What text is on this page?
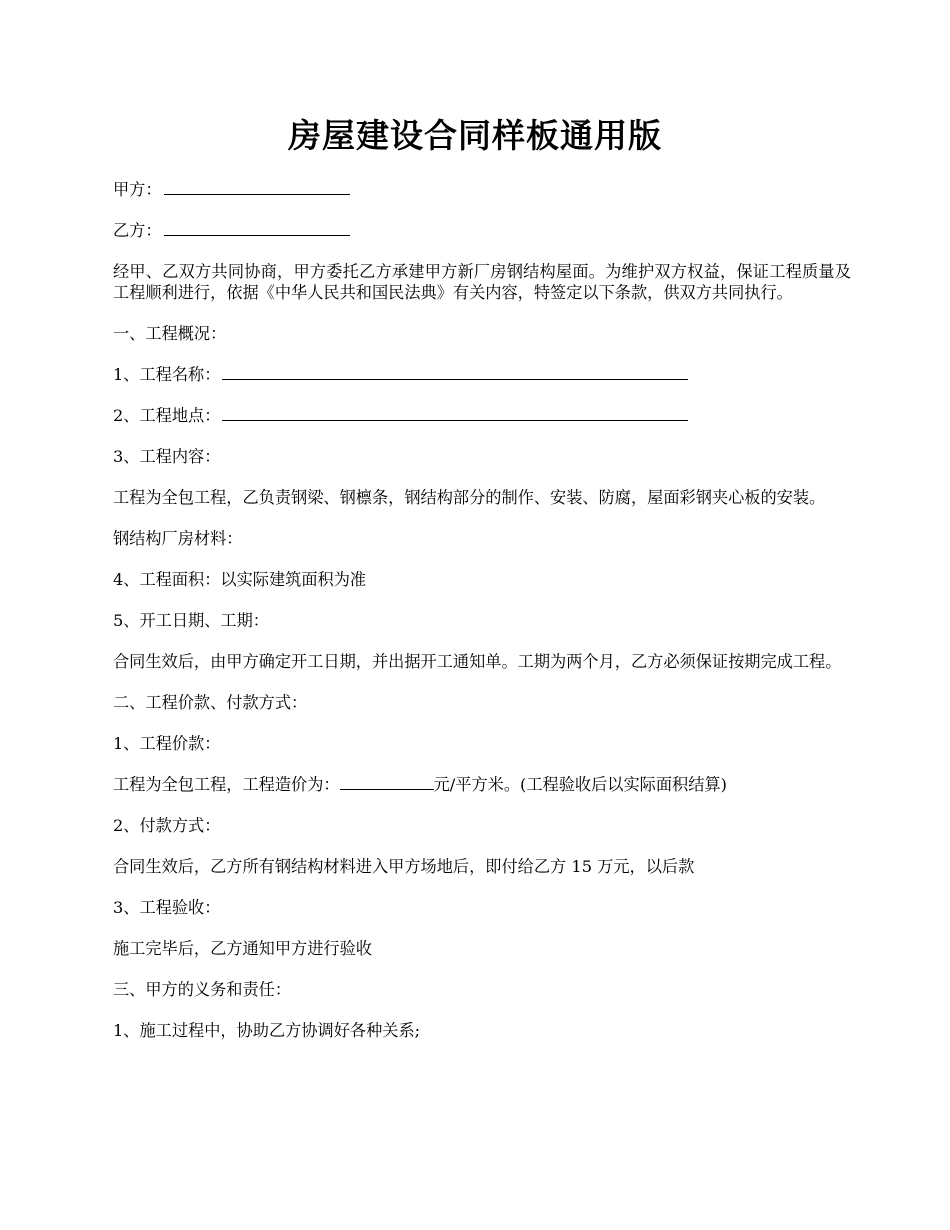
房屋建设合同样板通用版
甲方：
乙方：
经甲、乙双方共同协商，甲方委托乙方承建甲方新厂房钢结构屋面。为维护双方权益，保证工程质量及工程顺利进行，依据《中华人民共和国民法典》有关内容，特签定以下条款，供双方共同执行。
一、工程概况：
1、工程名称：
2、工程地点：
3、工程内容：
工程为全包工程，乙负责钢梁、钢檩条，钢结构部分的制作、安装、防腐，屋面彩钢夹心板的安装。
钢结构厂房材料：
4、工程面积：以实际建筑面积为准
5、开工日期、工期：
合同生效后，由甲方确定开工日期，并出据开工通知单。工期为两个月，乙方必须保证按期完成工程。
二、工程价款、付款方式：
1、工程价款：
工程为全包工程，工程造价为：	元/平方米。(工程验收后以实际面积结算)
2、付款方式：
合同生效后，乙方所有钢结构材料进入甲方场地后，即付给乙方 15 万元，以后款
3、工程验收：
施工完毕后，乙方通知甲方进行验收
三、甲方的义务和责任：
1、施工过程中，协助乙方协调好各种关系;
